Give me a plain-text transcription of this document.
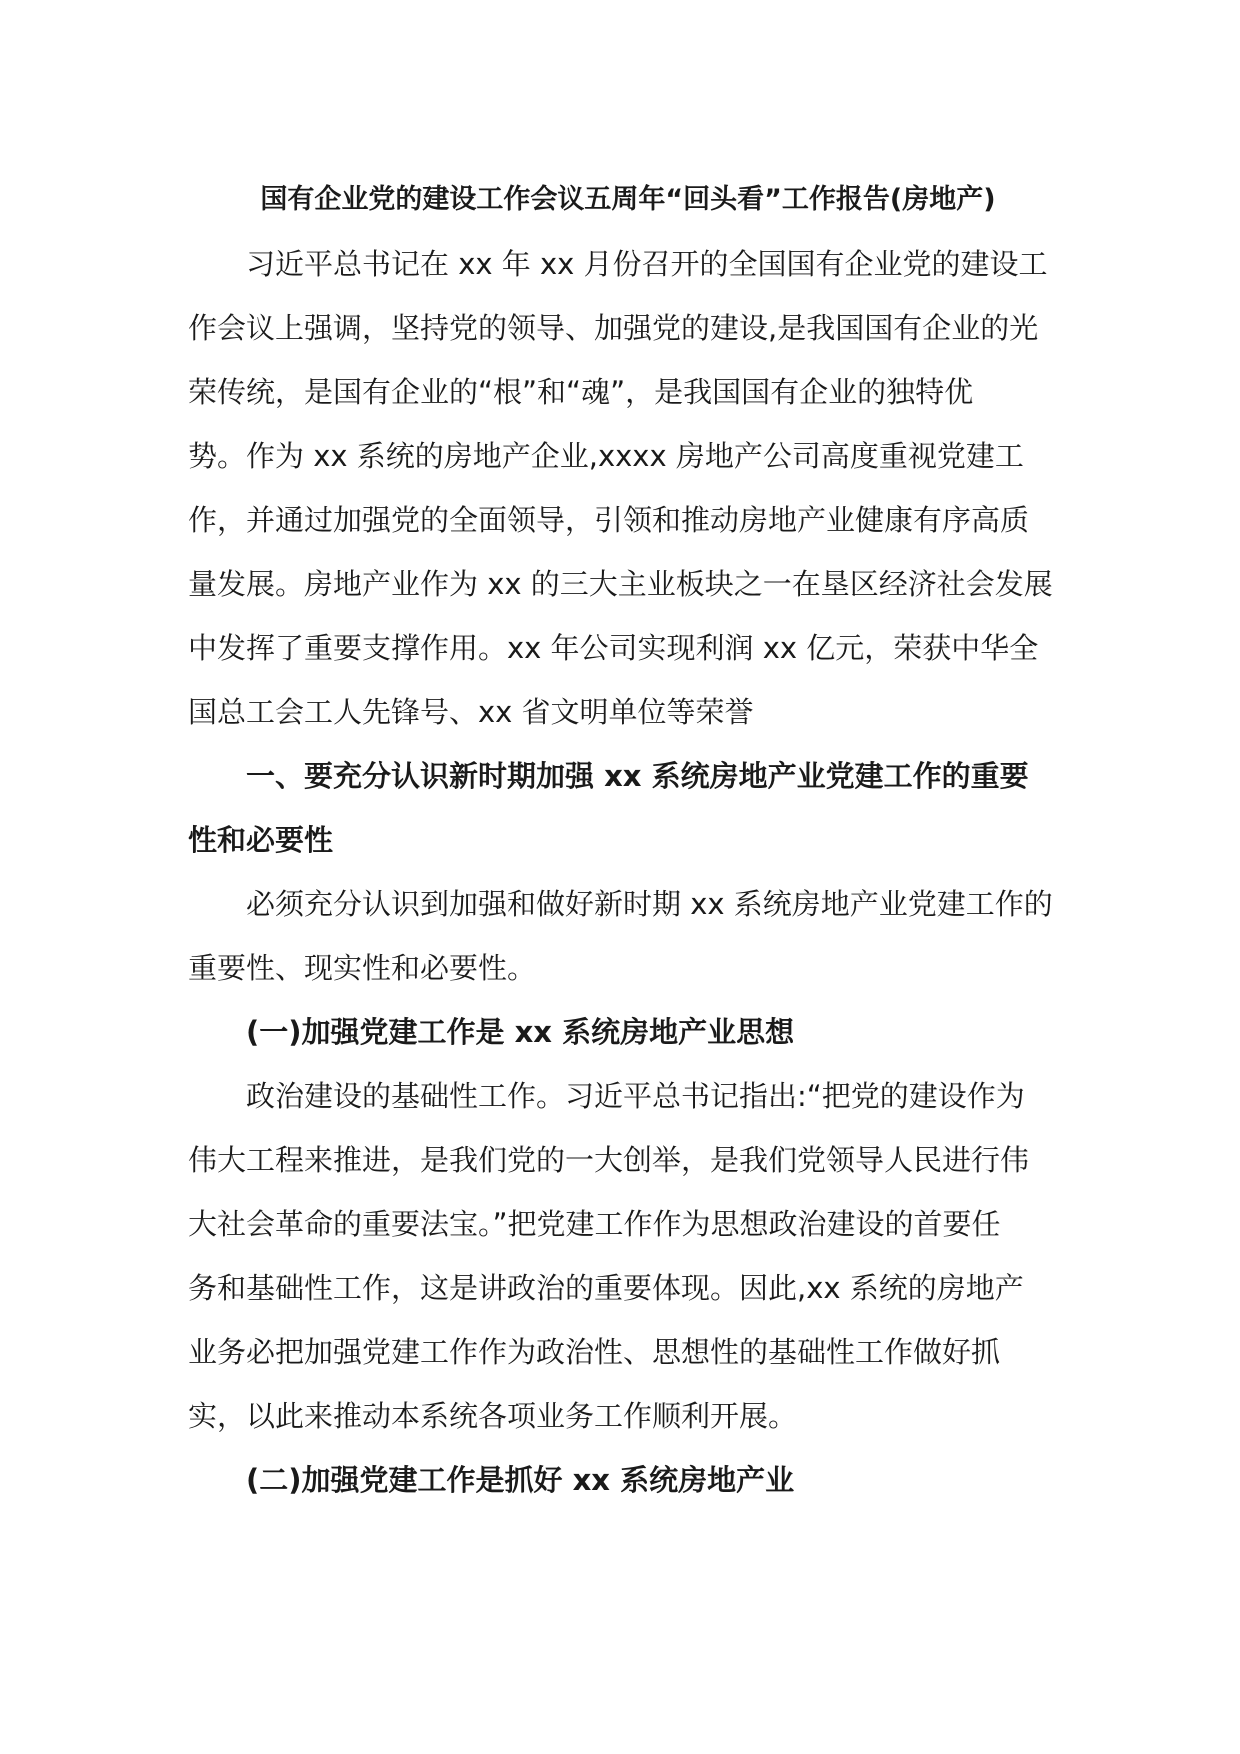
国有企业党的建设工作会议五周年“回头看”工作报告(房地产)

习近平总书记在 xx 年 xx 月份召开的全国国有企业党的建设工

作会议上强调，坚持党的领导、加强党的建设,是我国国有企业的光

荣传统，是国有企业的“根”和“魂”，是我国国有企业的独特优

势。作为 xx 系统的房地产企业,xxxx 房地产公司高度重视党建工

作，并通过加强党的全面领导，引领和推动房地产业健康有序高质

量发展。房地产业作为 xx 的三大主业板块之一在垦区经济社会发展

中发挥了重要支撑作用。xx 年公司实现利润 xx 亿元，荣获中华全

国总工会工人先锋号、xx 省文明单位等荣誉

一、要充分认识新时期加强 xx 系统房地产业党建工作的重要

性和必要性

必须充分认识到加强和做好新时期 xx 系统房地产业党建工作的

重要性、现实性和必要性。

(一)加强党建工作是 xx 系统房地产业思想

政治建设的基础性工作。习近平总书记指出:“把党的建设作为

伟大工程来推进，是我们党的一大创举，是我们党领导人民进行伟

大社会革命的重要法宝。”把党建工作作为思想政治建设的首要任

务和基础性工作，这是讲政治的重要体现。因此,xx 系统的房地产

业务必把加强党建工作作为政治性、思想性的基础性工作做好抓

实，以此来推动本系统各项业务工作顺利开展。

(二)加强党建工作是抓好 xx 系统房地产业
